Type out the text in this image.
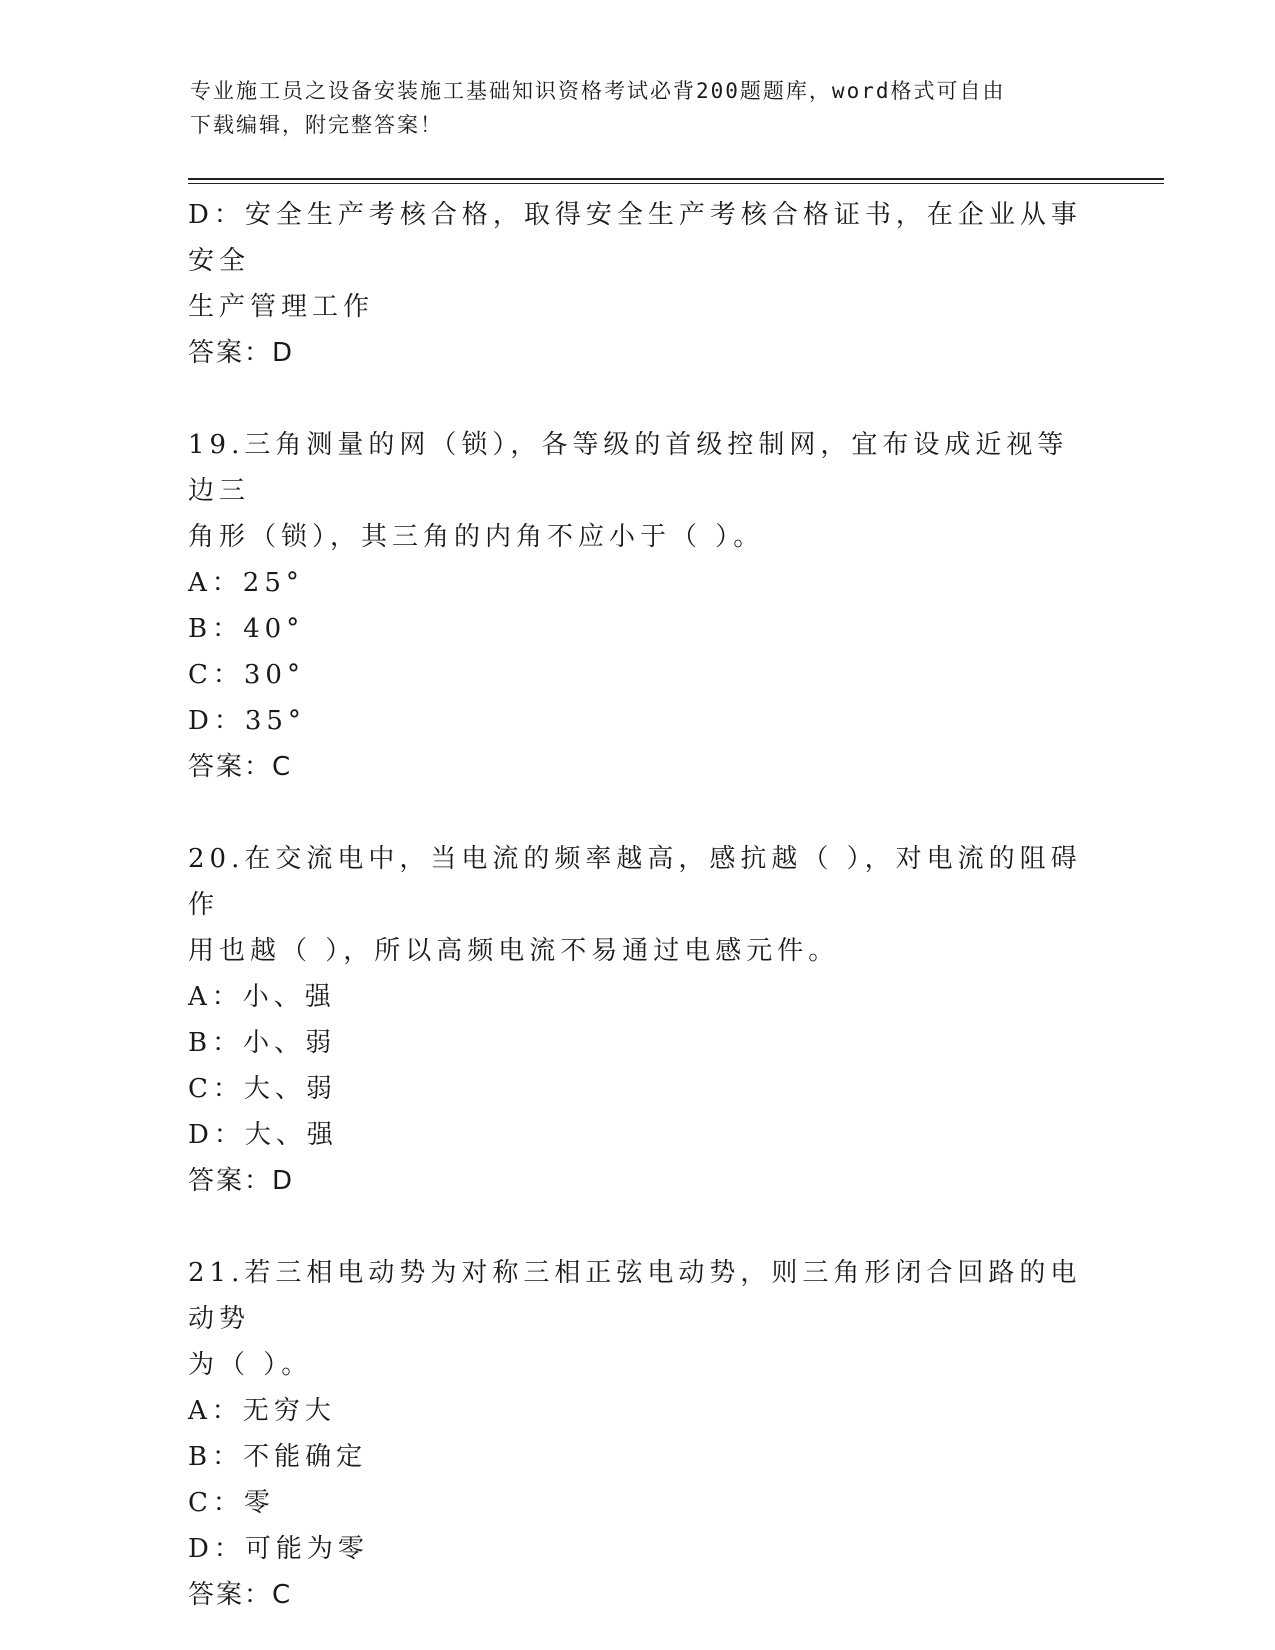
专业施工员之设备安装施工基础知识资格考试必背200题题库，word格式可自由
下载编辑，附完整答案！
D：安全生产考核合格，取得安全生产考核合格证书，在企业从事安全
生产管理工作
答案：D
19.三角测量的网（锁），各等级的首级控制网，宜布设成近视等边三
角形（锁），其三角的内角不应小于（ ）。
A：25°
B：40°
C：30°
D：35°
答案：C
20.在交流电中，当电流的频率越高，感抗越（ ），对电流的阻碍作
用也越（ ），所以高频电流不易通过电感元件。
A：小、强
B：小、弱
C：大、弱
D：大、强
答案：D
21.若三相电动势为对称三相正弦电动势，则三角形闭合回路的电动势
为（ ）。
A：无穷大
B：不能确定
C：零
D：可能为零
答案：C
